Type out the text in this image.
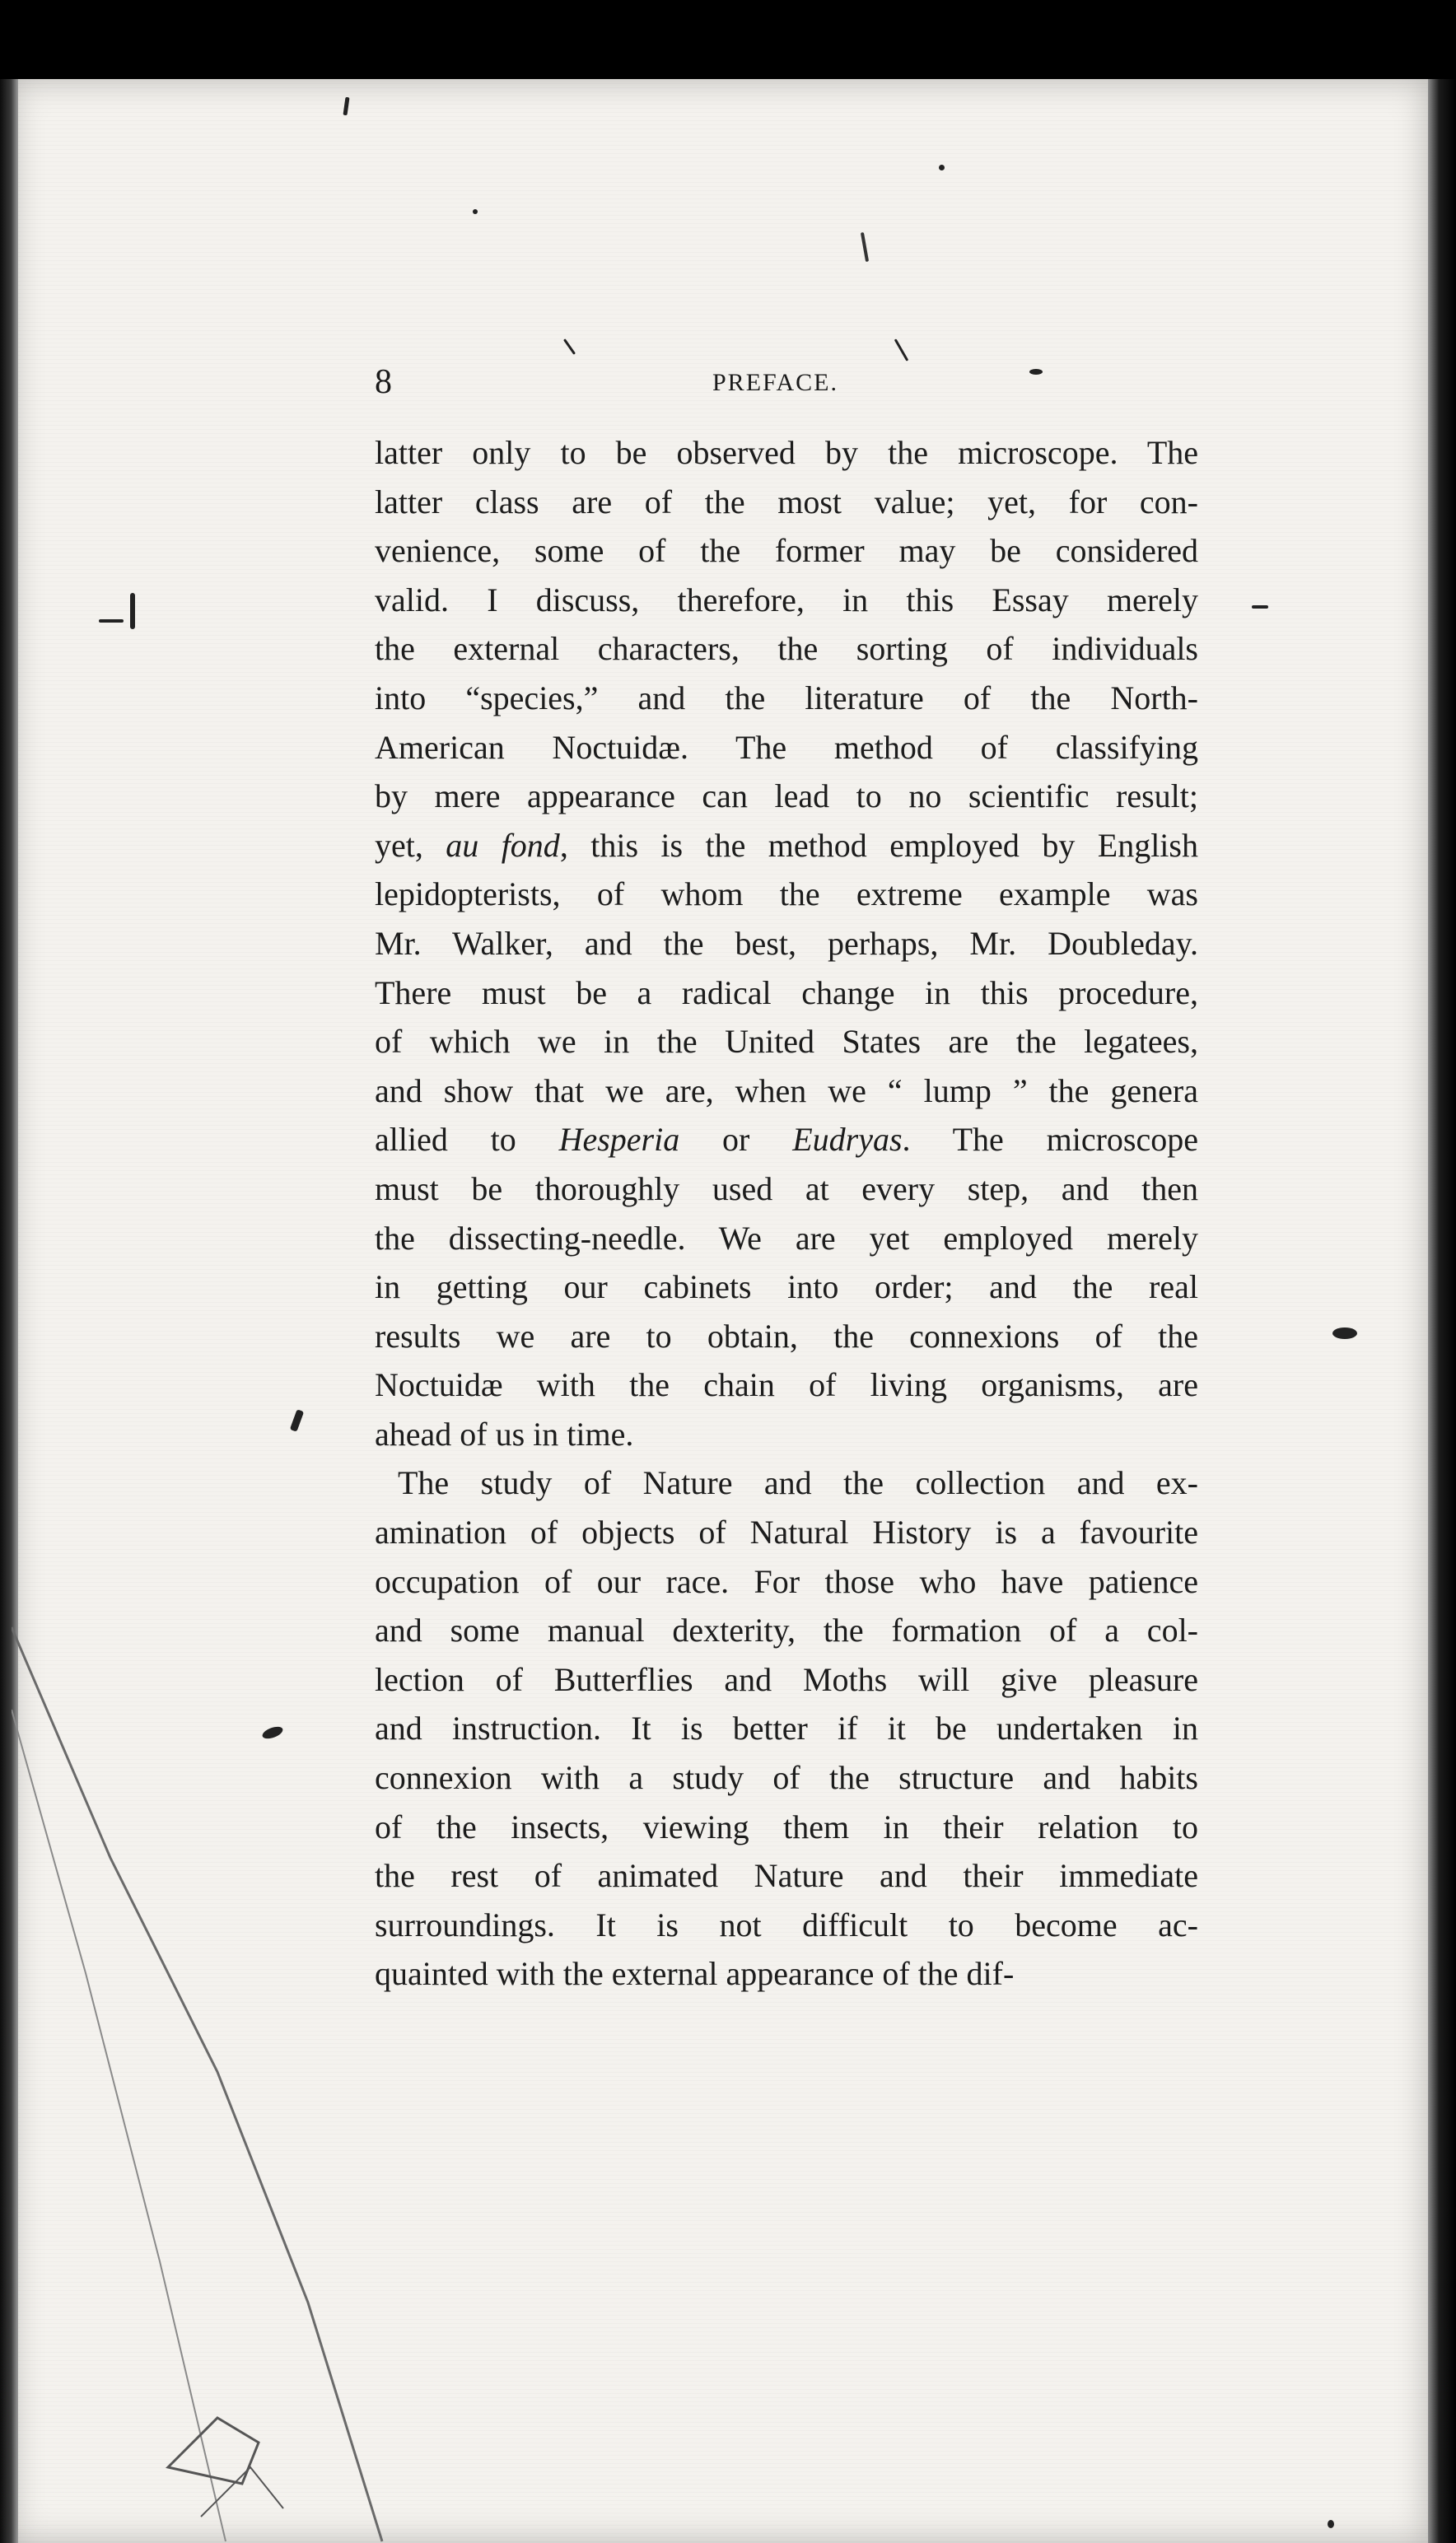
8	PREFACE.
latter only to be observed by the microscope. The
latter class are of the most value; yet, for con-
venience, some of the former may be considered
valid. I discuss, therefore, in this Essay merely
the external characters, the sorting of individuals
into “species,” and the literature of the North-
American Noctuidæ. The method of classifying
by mere appearance can lead to no scientific result;
yet, au fond, this is the method employed by English
lepidopterists, of whom the extreme example was
Mr. Walker, and the best, perhaps, Mr. Doubleday.
There must be a radical change in this procedure,
of which we in the United States are the legatees,
and show that we are, when we “ lump ” the genera
allied to Hesperia or Eudryas. The microscope
must be thoroughly used at every step, and then
the dissecting-needle. We are yet employed merely
in getting our cabinets into order; and the real
results we are to obtain, the connexions of the
Noctuidæ with the chain of living organisms, are
ahead of us in time.
The study of Nature and the collection and ex-
amination of objects of Natural History is a favourite
occupation of our race. For those who have patience
and some manual dexterity, the formation of a col-
lection of Butterflies and Moths will give pleasure
and instruction. It is better if it be undertaken in
connexion with a study of the structure and habits
of the insects, viewing them in their relation to
the rest of animated Nature and their immediate
surroundings. It is not difficult to become ac-
quainted with the external appearance of the dif-
